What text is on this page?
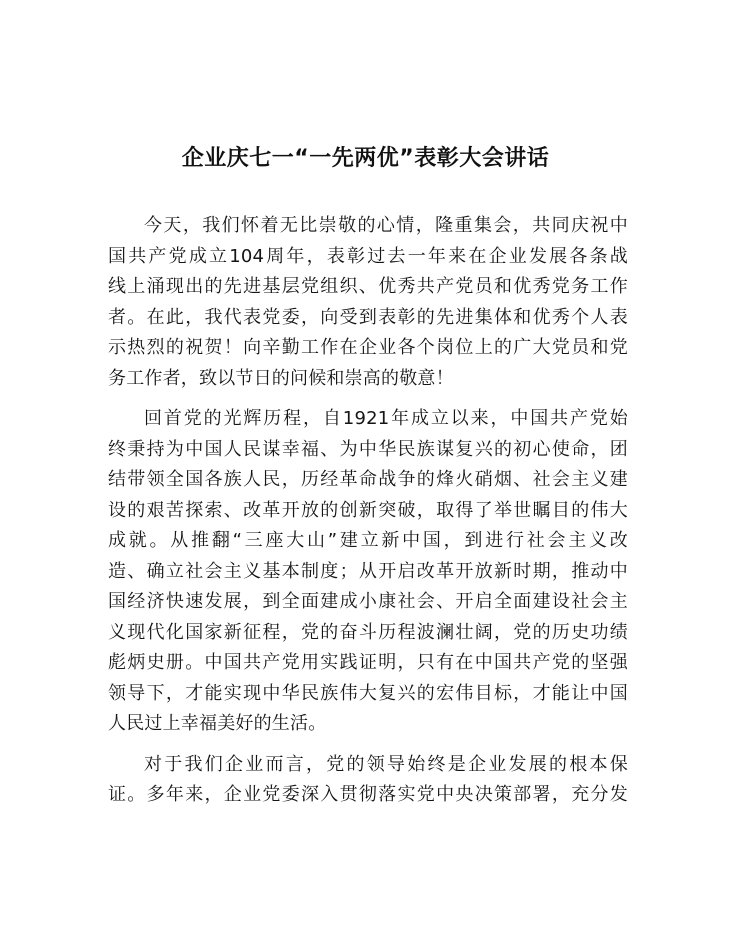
企业庆七一“一先两优”表彰大会讲话

今天，我们怀着无比崇敬的心情，隆重集会，共同庆祝中
国共产党成立104周年，表彰过去一年来在企业发展各条战
线上涌现出的先进基层党组织、优秀共产党员和优秀党务工作
者。在此，我代表党委，向受到表彰的先进集体和优秀个人表
示热烈的祝贺！向辛勤工作在企业各个岗位上的广大党员和党
务工作者，致以节日的问候和崇高的敬意！

回首党的光辉历程，自1921年成立以来，中国共产党始
终秉持为中国人民谋幸福、为中华民族谋复兴的初心使命，团
结带领全国各族人民，历经革命战争的烽火硝烟、社会主义建
设的艰苦探索、改革开放的创新突破，取得了举世瞩目的伟大
成就。从推翻“三座大山”建立新中国，到进行社会主义改
造、确立社会主义基本制度；从开启改革开放新时期，推动中
国经济快速发展，到全面建成小康社会、开启全面建设社会主
义现代化国家新征程，党的奋斗历程波澜壮阔，党的历史功绩
彪炳史册。中国共产党用实践证明，只有在中国共产党的坚强
领导下，才能实现中华民族伟大复兴的宏伟目标，才能让中国
人民过上幸福美好的生活。

对于我们企业而言，党的领导始终是企业发展的根本保
证。多年来，企业党委深入贯彻落实党中央决策部署，充分发
